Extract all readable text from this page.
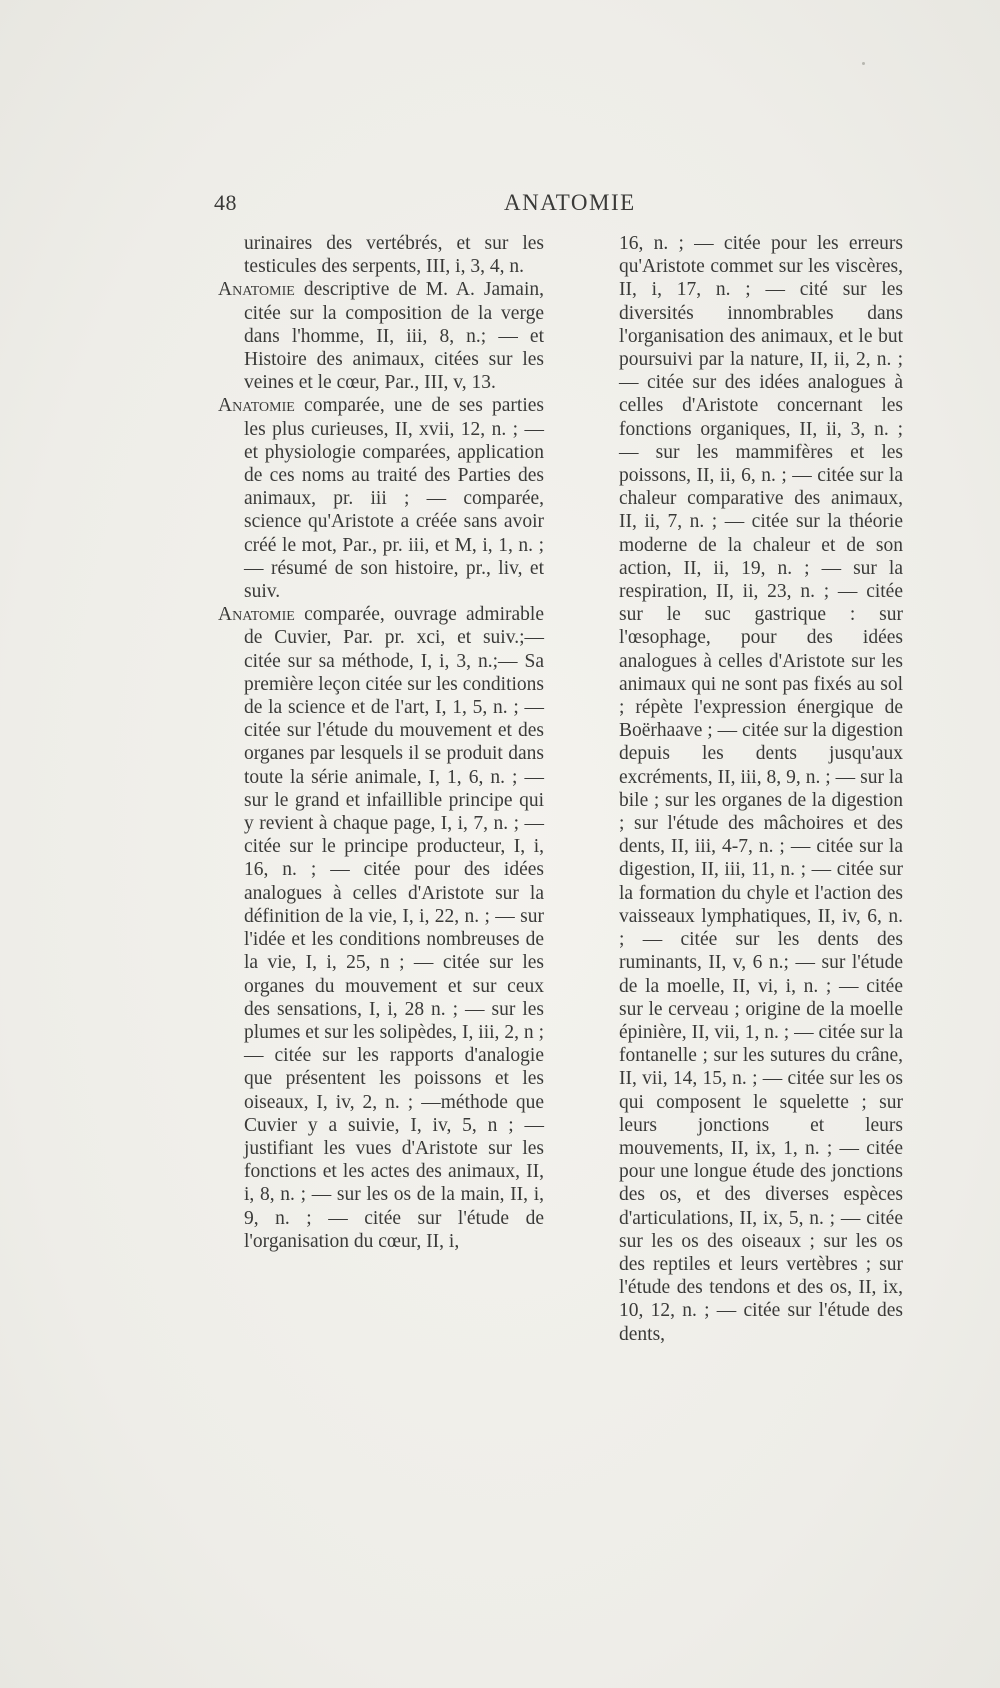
48	ANATOMIE

urinaires des vertébrés, et sur les testicules des serpents, III, i, 3, 4, n.

Anatomie descriptive de M. A. Jamain, citée sur la composition de la verge dans l'homme, II, iii, 8, n.; — et Histoire des animaux, citées sur les veines et le cœur, Par., III, v, 13.

Anatomie comparée, une de ses parties les plus curieuses, II, xvii, 12, n. ; — et physiologie comparées, application de ces noms au traité des Parties des animaux, pr. iii ; — comparée, science qu'Aristote a créée sans avoir créé le mot, Par., pr. iii, et M, i, 1, n. ; — résumé de son histoire, pr., liv, et suiv.

Anatomie comparée, ouvrage admirable de Cuvier, Par. pr. xci, et suiv.;— citée sur sa méthode, I, i, 3, n.;— Sa première leçon citée sur les conditions de la science et de l'art, I, 1, 5, n. ; — citée sur l'étude du mouvement et des organes par lesquels il se produit dans toute la série animale, I, 1, 6, n. ; — sur le grand et infaillible principe qui y revient à chaque page, I, i, 7, n. ; — citée sur le principe producteur, I, i, 16, n. ; — citée pour des idées analogues à celles d'Aristote sur la définition de la vie, I, i, 22, n. ; — sur l'idée et les conditions nombreuses de la vie, I, i, 25, n ; — citée sur les organes du mouvement et sur ceux des sensations, I, i, 28 n. ; — sur les plumes et sur les solipèdes, I, iii, 2, n ; — citée sur les rapports d'analogie que présentent les poissons et les oiseaux, I, iv, 2, n. ; —méthode que Cuvier y a suivie, I, iv, 5, n ; — justifiant les vues d'Aristote sur les fonctions et les actes des animaux, II, i, 8, n. ; — sur les os de la main, II, i, 9, n. ; — citée sur l'étude de l'organisation du cœur, II, i,

16, n. ; — citée pour les erreurs qu'Aristote commet sur les viscères, II, i, 17, n. ; — cité sur les diversités innombrables dans l'organisation des animaux, et le but poursuivi par la nature, II, ii, 2, n. ; — citée sur des idées analogues à celles d'Aristote concernant les fonctions organiques, II, ii, 3, n. ; — sur les mammifères et les poissons, II, ii, 6, n. ; — citée sur la chaleur comparative des animaux, II, ii, 7, n. ; — citée sur la théorie moderne de la chaleur et de son action, II, ii, 19, n. ; — sur la respiration, II, ii, 23, n. ; — citée sur le suc gastrique : sur l'œsophage, pour des idées analogues à celles d'Aristote sur les animaux qui ne sont pas fixés au sol ; répète l'expression énergique de Boërhaave ; — citée sur la digestion depuis les dents jusqu'aux excréments, II, iii, 8, 9, n. ; — sur la bile ; sur les organes de la digestion ; sur l'étude des mâchoires et des dents, II, iii, 4-7, n. ; — citée sur la digestion, II, iii, 11, n. ; — citée sur la formation du chyle et l'action des vaisseaux lymphatiques, II, iv, 6, n. ; — citée sur les dents des ruminants, II, v, 6 n.; — sur l'étude de la moelle, II, vi, i, n. ; — citée sur le cerveau ; origine de la moelle épinière, II, vii, 1, n. ; — citée sur la fontanelle ; sur les sutures du crâne, II, vii, 14, 15, n. ; — citée sur les os qui composent le squelette ; sur leurs jonctions et leurs mouvements, II, ix, 1, n. ; — citée pour une longue étude des jonctions des os, et des diverses espèces d'articulations, II, ix, 5, n. ; — citée sur les os des oiseaux ; sur les os des reptiles et leurs vertèbres ; sur l'étude des tendons et des os, II, ix, 10, 12, n. ; — citée sur l'étude des dents,
